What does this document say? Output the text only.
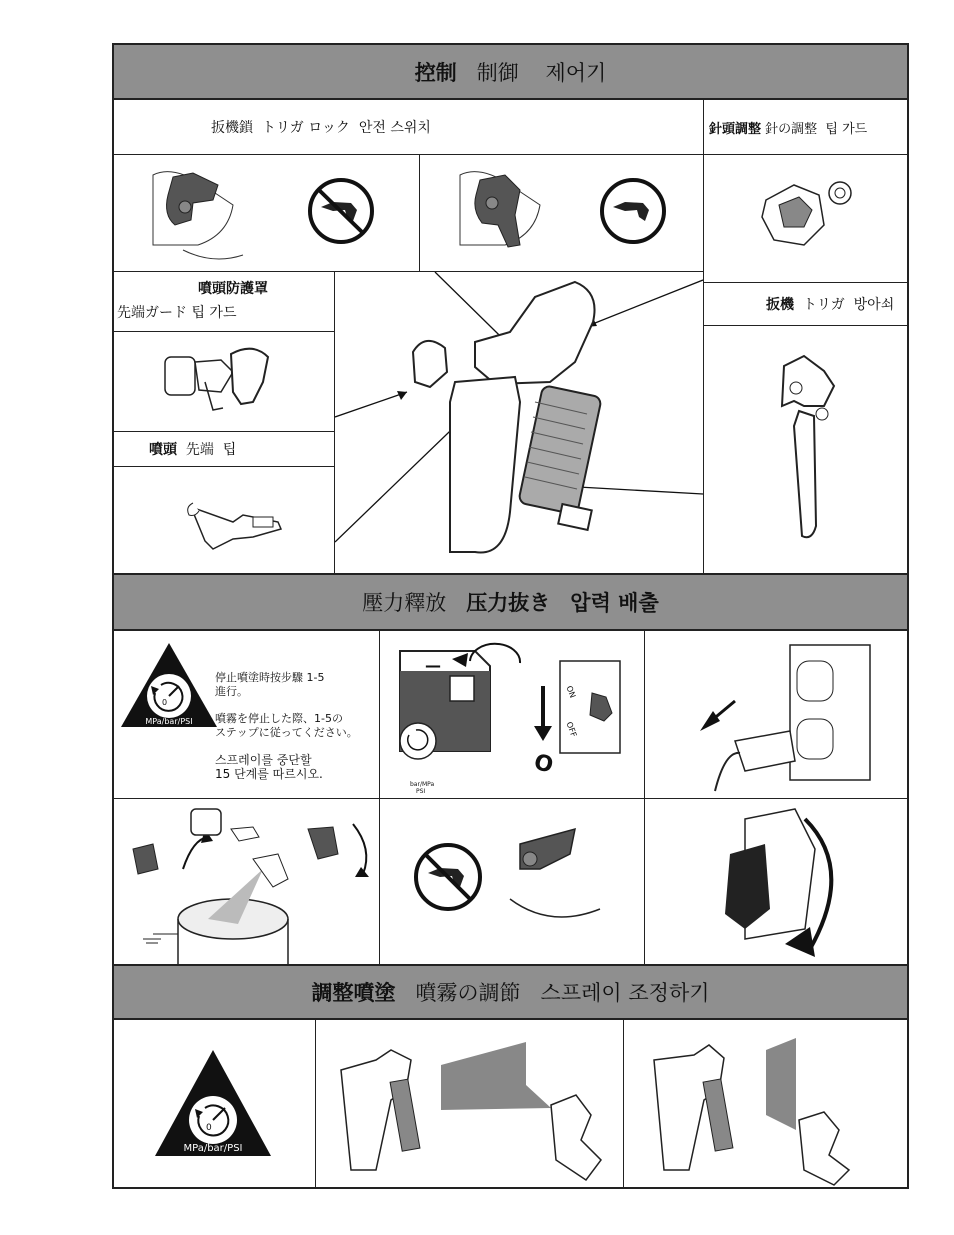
控制
制御
제어기
扳機鎖  トリガ ロック  안전 스위치	針頭調整 針の調整  팁 가드
噴頭防護罩
先端ガード 팁 가드
噴頭 先端  팁
扳機 トリガ  방아쇠
壓力釋放
压力抜き
압력 배출
0
MPa/bar/PSI
停止噴塗時按步驟 1-5
進行。
噴霧を停止した際、1-5の
ステップに従ってください。
스프레이를 중단할
15 단계를 따르시오.
—
bar/MPa
PSI
O
ON
OFF
調整噴塗
噴霧の調節
스프레이 조정하기
0
MPa/bar/PSI
